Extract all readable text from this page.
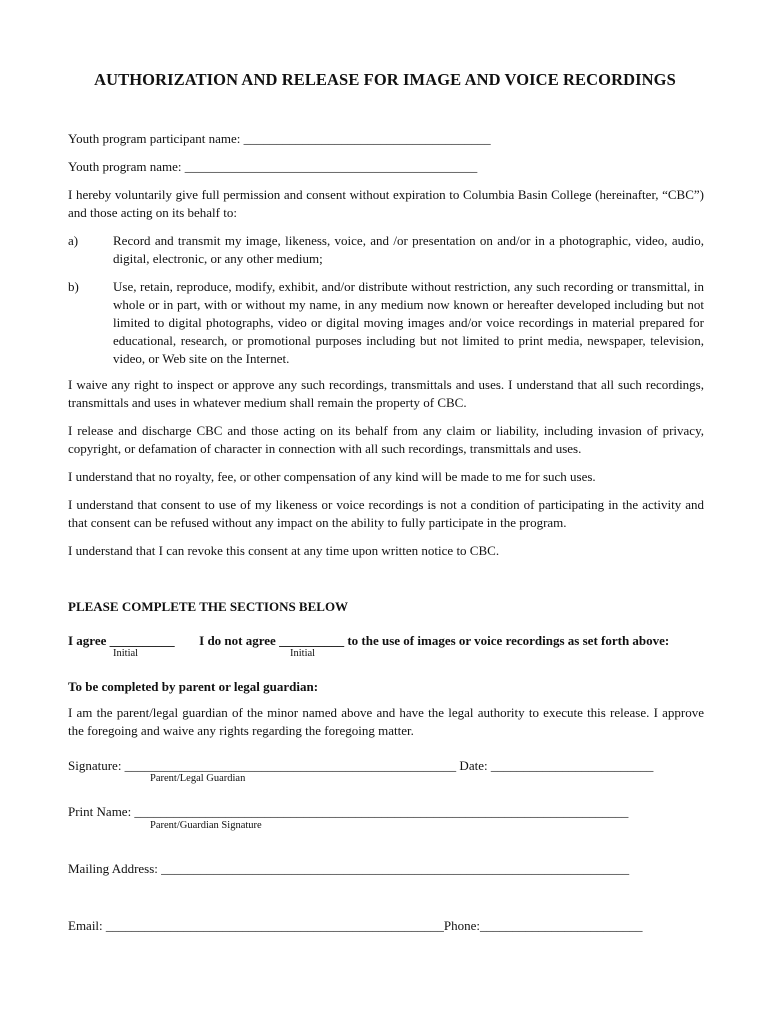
AUTHORIZATION AND RELEASE FOR IMAGE AND VOICE RECORDINGS
Youth program participant name: ______________________________________
Youth program name: _____________________________________________

I hereby voluntarily give full permission and consent without expiration to Columbia Basin College (hereinafter, “CBC”) and those acting on its behalf to:

a)	Record and transmit my image, likeness, voice, and /or presentation on and/or in a photographic, video, audio, digital, electronic, or any other medium;
b)	Use, retain, reproduce, modify, exhibit, and/or distribute without restriction, any such recording or transmittal, in whole or in part, with or without my name, in any medium now known or hereafter developed including but not limited to digital photographs, video or digital moving images and/or voice recordings in material prepared for educational, research, or promotional purposes including but not limited to print media, newspaper, television, video, or Web site on the Internet.

I waive any right to inspect or approve any such recordings, transmittals and uses. I understand that all such recordings, transmittals and uses in whatever medium shall remain the property of CBC.

I release and discharge CBC and those acting on its behalf from any claim or liability, including invasion of privacy, copyright, or defamation of character in connection with all such recordings, transmittals and uses.

I understand that no royalty, fee, or other compensation of any kind will be made to me for such uses.

I understand that consent to use of my likeness or voice recordings is not a condition of participating in the activity and that consent can be refused without any impact on the ability to fully participate in the program.

I understand that I can revoke this consent at any time upon written notice to CBC.

PLEASE COMPLETE THE SECTIONS BELOW
I agree __________ I do not agree __________ to the use of images or voice recordings as set forth above:
Initial	Initial
To be completed by parent or legal guardian:

I am the parent/legal guardian of the minor named above and have the legal authority to execute this release. I approve the foregoing and waive any rights regarding the foregoing matter.

Signature: ___________________________________________________ Date: _________________________
Parent/Legal Guardian
Print Name: ____________________________________________________________________________
Parent/Guardian Signature
Mailing Address: ________________________________________________________________________
Email: ____________________________________________________Phone:_________________________
